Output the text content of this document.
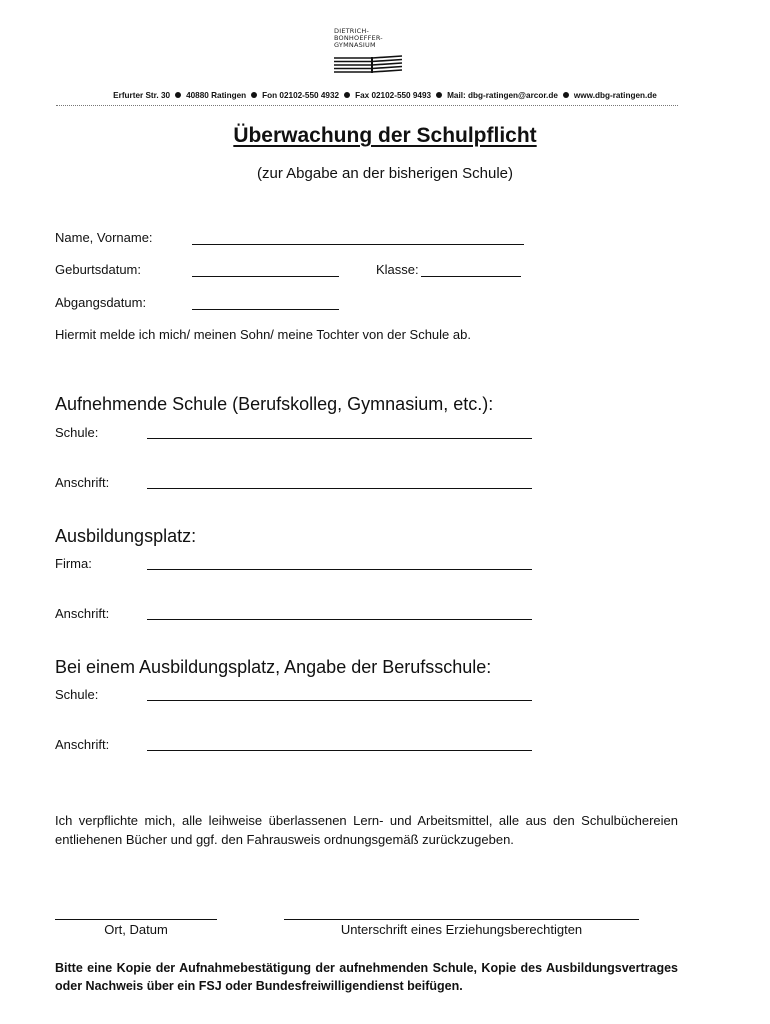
DIETRICH-
BONHOEFFER-
GYMNASIUM
Erfurter Str. 30 40880 Ratingen Fon 02102-550 4932 Fax 02102-550 9493 Mail: dbg-ratingen@arcor.de www.dbg-ratingen.de
Überwachung der Schulpflicht
(zur Abgabe an der bisherigen Schule)
Name, Vorname:
Geburtsdatum:	Klasse:
Abgangsdatum:
Hiermit melde ich mich/ meinen Sohn/ meine Tochter von der Schule ab.
Aufnehmende Schule (Berufskolleg, Gymnasium, etc.):
Schule:
Anschrift:
Ausbildungsplatz:
Firma:
Anschrift:
Bei einem Ausbildungsplatz, Angabe der Berufsschule:
Schule:
Anschrift:
Ich verpflichte mich, alle leihweise überlassenen Lern- und Arbeitsmittel, alle aus den Schulbüchereien entliehenen Bücher und ggf. den Fahrausweis ordnungsgemäß zurückzugeben.
Ort, Datum	Unterschrift eines Erziehungsberechtigten
Bitte eine Kopie der Aufnahmebestätigung der aufnehmenden Schule, Kopie des Ausbildungsvertrages oder Nachweis über ein FSJ oder Bundesfreiwilligendienst beifügen.
